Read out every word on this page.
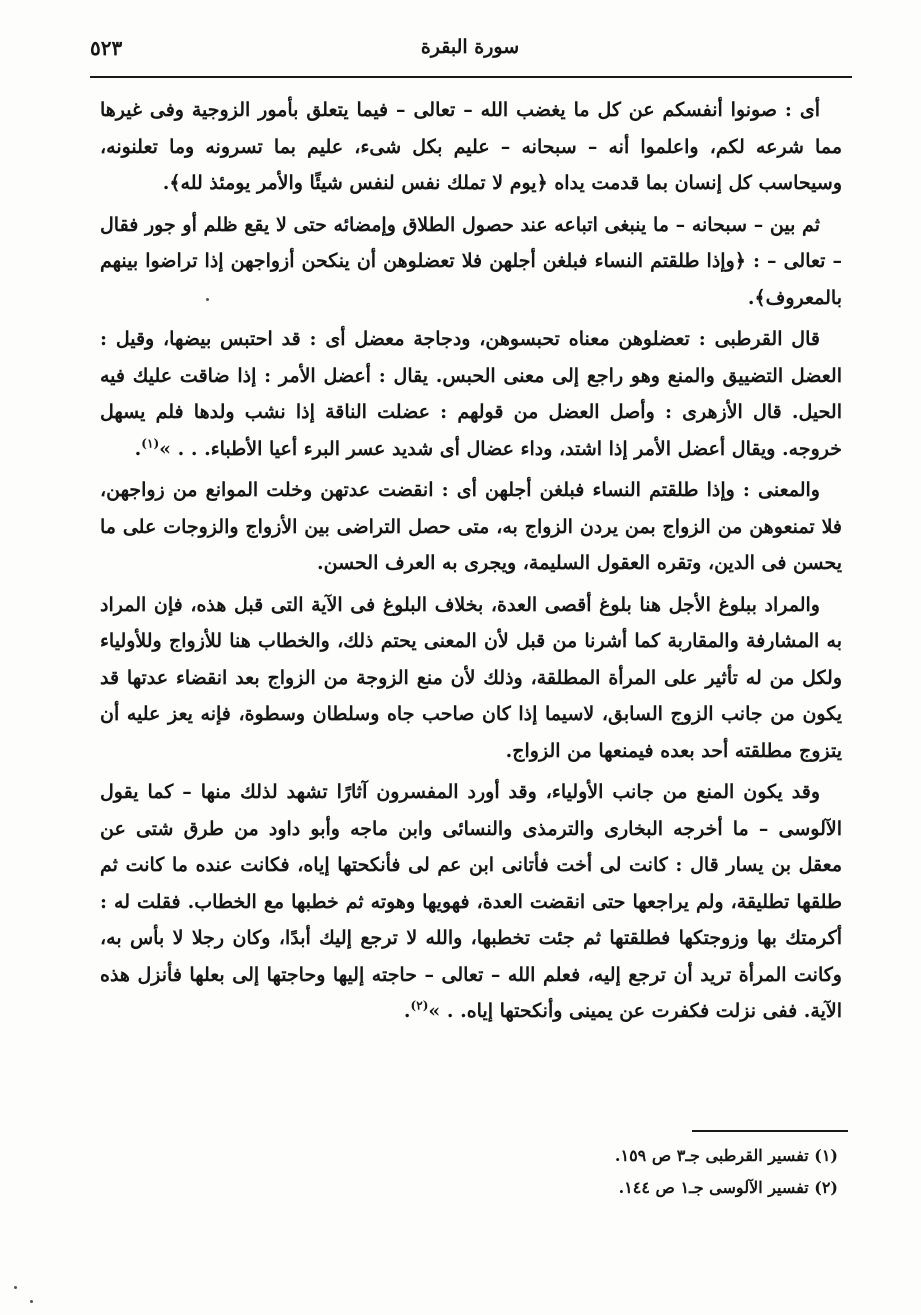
سورة البقرة
٥٢٣

أى : صونوا أنفسكم عن كل ما يغضب الله – تعالى – فيما يتعلق بأمور الزوجية وفى غيرها مما شرعه لكم، واعلموا أنه – سبحانه – عليم بكل شىء، عليم بما تسرونه وما تعلنونه، وسيحاسب كل إنسان بما قدمت يداه ﴿يوم لا تملك نفس لنفس شيئًا والأمر يومئذ لله﴾.

ثم بين – سبحانه – ما ينبغى اتباعه عند حصول الطلاق وإمضائه حتى لا يقع ظلم أو جور فقال – تعالى – : ﴿وإذا طلقتم النساء فبلغن أجلهن فلا تعضلوهن أن ينكحن أزواجهن إذا تراضوا بينهم بالمعروف﴾.

قال القرطبى : تعضلوهن معناه تحبسوهن، ودجاجة معضل أى : قد احتبس بيضها، وقيل : العضل التضييق والمنع وهو راجع إلى معنى الحبس. يقال : أعضل الأمر : إذا ضاقت عليك فيه الحيل. قال الأزهرى : وأصل العضل من قولهم : عضلت الناقة إذا نشب ولدها فلم يسهل خروجه. ويقال أعضل الأمر إذا اشتد، وداء عضال أى شديد عسر البرء أعيا الأطباء. . . »$^{(١)}$.

والمعنى : وإذا طلقتم النساء فبلغن أجلهن أى : انقضت عدتهن وخلت الموانع من زواجهن، فلا تمنعوهن من الزواج بمن يردن الزواج به، متى حصل التراضى بين الأزواج والزوجات على ما يحسن فى الدين، وتقره العقول السليمة، ويجرى به العرف الحسن.

والمراد ببلوغ الأجل هنا بلوغ أقصى العدة، بخلاف البلوغ فى الآية التى قبل هذه، فإن المراد به المشارفة والمقاربة كما أشرنا من قبل لأن المعنى يحتم ذلك، والخطاب هنا للأزواج وللأولياء ولكل من له تأثير على المرأة المطلقة، وذلك لأن منع الزوجة من الزواج بعد انقضاء عدتها قد يكون من جانب الزوج السابق، لاسيما إذا كان صاحب جاه وسلطان وسطوة، فإنه يعز عليه أن يتزوج مطلقته أحد بعده فيمنعها من الزواج.

وقد يكون المنع من جانب الأولياء، وقد أورد المفسرون آثارًا تشهد لذلك منها – كما يقول الآلوسى – ما أخرجه البخارى والترمذى والنسائى وابن ماجه وأبو داود من طرق شتى عن معقل بن يسار قال : كانت لى أخت فأتانى ابن عم لى فأنكحتها إياه، فكانت عنده ما كانت ثم طلقها تطليقة، ولم يراجعها حتى انقضت العدة، فهويها وهوته ثم خطبها مع الخطاب. فقلت له : أكرمتك بها وزوجتكها فطلقتها ثم جئت تخطبها، والله لا ترجع إليك أبدًا، وكان رجلا لا بأس به، وكانت المرأة تريد أن ترجع إليه، فعلم الله – تعالى – حاجته إليها وحاجتها إلى بعلها فأنزل هذه الآية. ففى نزلت فكفرت عن يمينى وأنكحتها إياه. . »$^{(٢)}$.

(١) تفسير القرطبى جـ٣ ص ١٥٩.

(٢) تفسير الآلوسى جـ١ ص ١٤٤.
